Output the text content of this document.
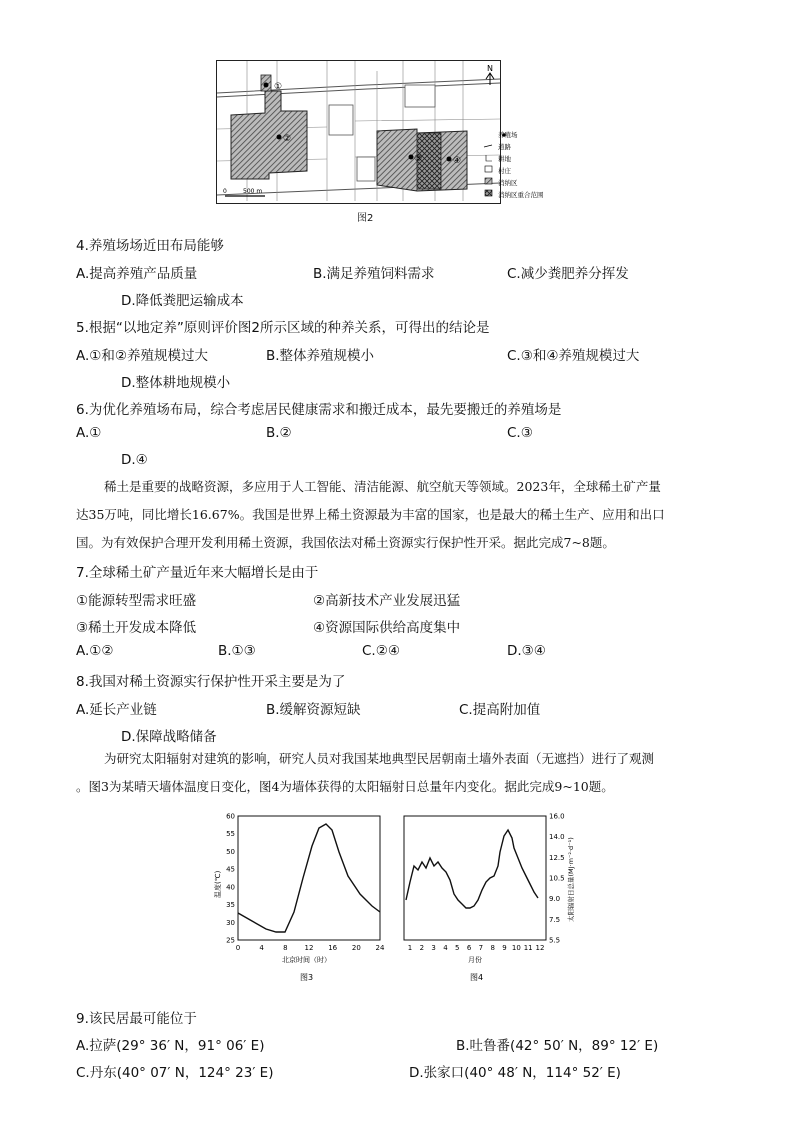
①
②
③	④
N
0	500 m
养殖场
道路
耕地
村庄
消纳区
消纳区重合范围
图2
4.养殖场场近田布局能够
A.提高养殖产品质量	B.满足养殖饲料需求	C.减少粪肥养分挥发
D.降低粪肥运输成本
5.根据“以地定养”原则评价图2所示区域的种养关系，可得出的结论是
A.①和②养殖规模过大	B.整体养殖规模小	C.③和④养殖规模过大
D.整体耕地规模小
6.为优化养殖场布局，综合考虑居民健康需求和搬迁成本，最先要搬迁的养殖场是
A.①	B.②	C.③
D.④
稀土是重要的战略资源，多应用于人工智能、清洁能源、航空航天等领域。2023年，全球稀土矿产量
达35万吨，同比增长16.67%。我国是世界上稀土资源最为丰富的国家，也是最大的稀土生产、应用和出口
国。为有效保护合理开发利用稀土资源，我国依法对稀土资源实行保护性开采。据此完成7~8题。
7.全球稀土矿产量近年来大幅增长是由于
①能源转型需求旺盛	②高新技术产业发展迅猛
③稀土开发成本降低	④资源国际供给高度集中
A.①②	B.①③	C.②④	D.③④
8.我国对稀土资源实行保护性开采主要是为了
A.延长产业链	B.缓解资源短缺	C.提高附加值
D.保障战略储备
为研究太阳辐射对建筑的影响，研究人员对我国某地典型民居朝南土墙外表面（无遮挡）进行了观测
。图3为某晴天墙体温度日变化，图4为墙体获得的太阳辐射日总量年内变化。据此完成9~10题。
25
30
35
40
45
50
55
60
0	4	8 12 16 20 24
温度(℃)
北京时间（时）
图3
5.5
7.5
9.0
10.5
12.5
14.0
16.0
1 2 3 4 5 6 7 8 9 10 11 12
太阳辐射日总量(MJ·m⁻²·d⁻¹)
月份
图4
9.该民居最可能位于
A.拉萨(29° 36′ N，91° 06′ E)	B.吐鲁番(42° 50′ N，89° 12′ E)
C.丹东(40° 07′ N，124° 23′ E)	D.张家口(40° 48′ N，114° 52′ E)
